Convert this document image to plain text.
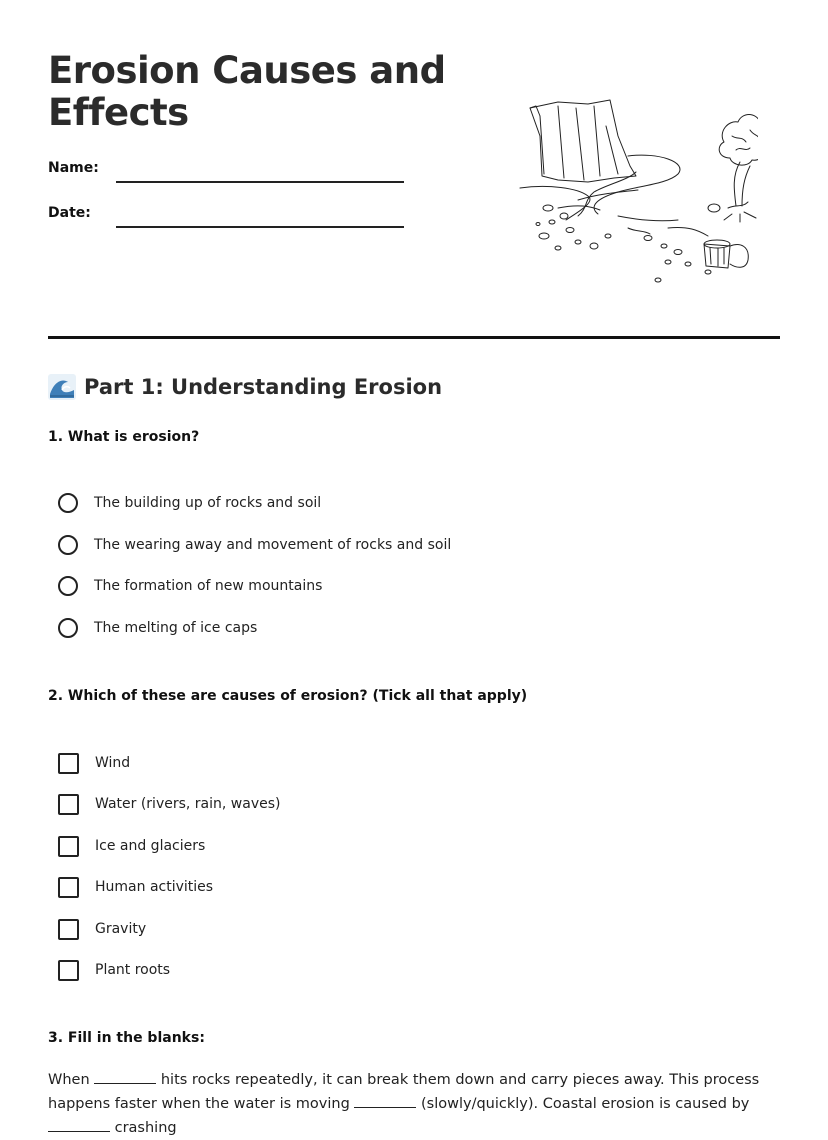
Erosion Causes and Effects
Name:
Date:
Part 1: Understanding Erosion
1. What is erosion?
The building up of rocks and soil
The wearing away and movement of rocks and soil
The formation of new mountains
The melting of ice caps
2. Which of these are causes of erosion? (Tick all that apply)
Wind
Water (rivers, rain, waves)
Ice and glaciers
Human activities
Gravity
Plant roots
3. Fill in the blanks:
When	hits rocks repeatedly, it can break them down and carry pieces away. This process happens faster when the water is moving	(slowly/quickly). Coastal erosion is caused by  crashing
